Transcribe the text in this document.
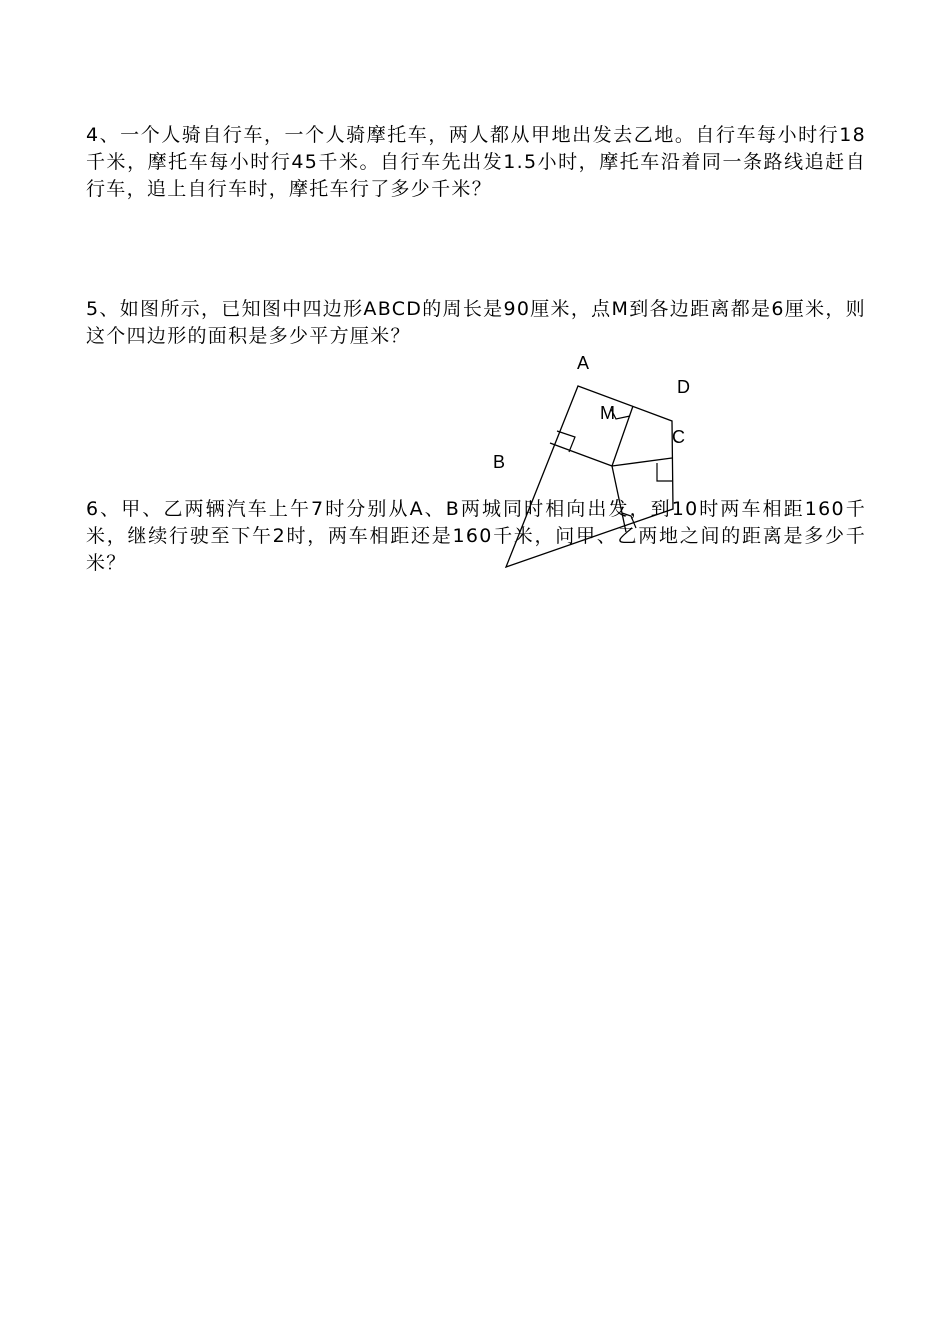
4、一个人骑自行车，一个人骑摩托车，两人都从甲地出发去乙地。自行车每小时行18千米，摩托车每小时行45千米。自行车先出发1.5小时，摩托车沿着同一条路线追赶自行车，追上自行车时，摩托车行了多少千米？

5、如图所示，已知图中四边形ABCD的周长是90厘米，点M到各边距离都是6厘米，则这个四边形的面积是多少平方厘米？

A
D
C
B
M

6、甲、乙两辆汽车上午7时分别从A、B两城同时相向出发，到10时两车相距160千米，继续行驶至下午2时，两车相距还是160千米，问甲、乙两地之间的距离是多少千米？
